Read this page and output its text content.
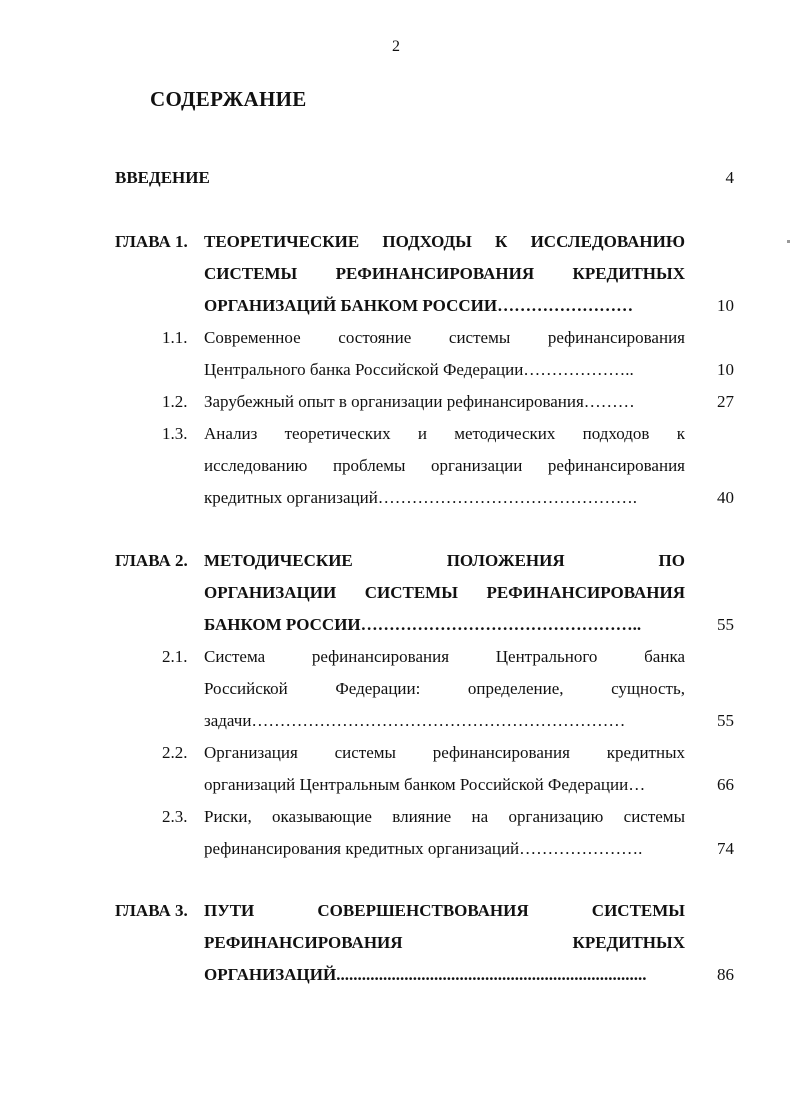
2
СОДЕРЖАНИЕ
ВВЕДЕНИЕ	4
ГЛАВА 1. ТЕОРЕТИЧЕСКИЕ ПОДХОДЫ К ИССЛЕДОВАНИЮ
СИСТЕМЫ РЕФИНАНСИРОВАНИЯ КРЕДИТНЫХ
ОРГАНИЗАЦИЙ БАНКОМ РОССИИ……………………	10
1.1. Современное состояние системы рефинансирования
Центрального банка Российской Федерации………………..	10
1.2. Зарубежный опыт в организации рефинансирования………	27
1.3. Анализ теоретических и методических подходов к
исследованию проблемы организации рефинансирования
кредитных организаций……………………………………….	40
ГЛАВА 2. МЕТОДИЧЕСКИЕ ПОЛОЖЕНИЯ ПО
ОРГАНИЗАЦИИ СИСТЕМЫ РЕФИНАНСИРОВАНИЯ
БАНКОМ РОССИИ…………………………………………..	55
2.1. Система рефинансирования Центрального банка
Российской Федерации: определение, сущность,
задачи…………………………………………………………	55
2.2. Организация системы рефинансирования кредитных
организаций Центральным банком Российской Федерации…	66
2.3. Риски, оказывающие влияние на организацию системы
рефинансирования кредитных организаций………………….	74
ГЛАВА 3. ПУТИ СОВЕРШЕНСТВОВАНИЯ СИСТЕМЫ
РЕФИНАНСИРОВАНИЯ КРЕДИТНЫХ
ОРГАНИЗАЦИЙ.........................................................................	86
